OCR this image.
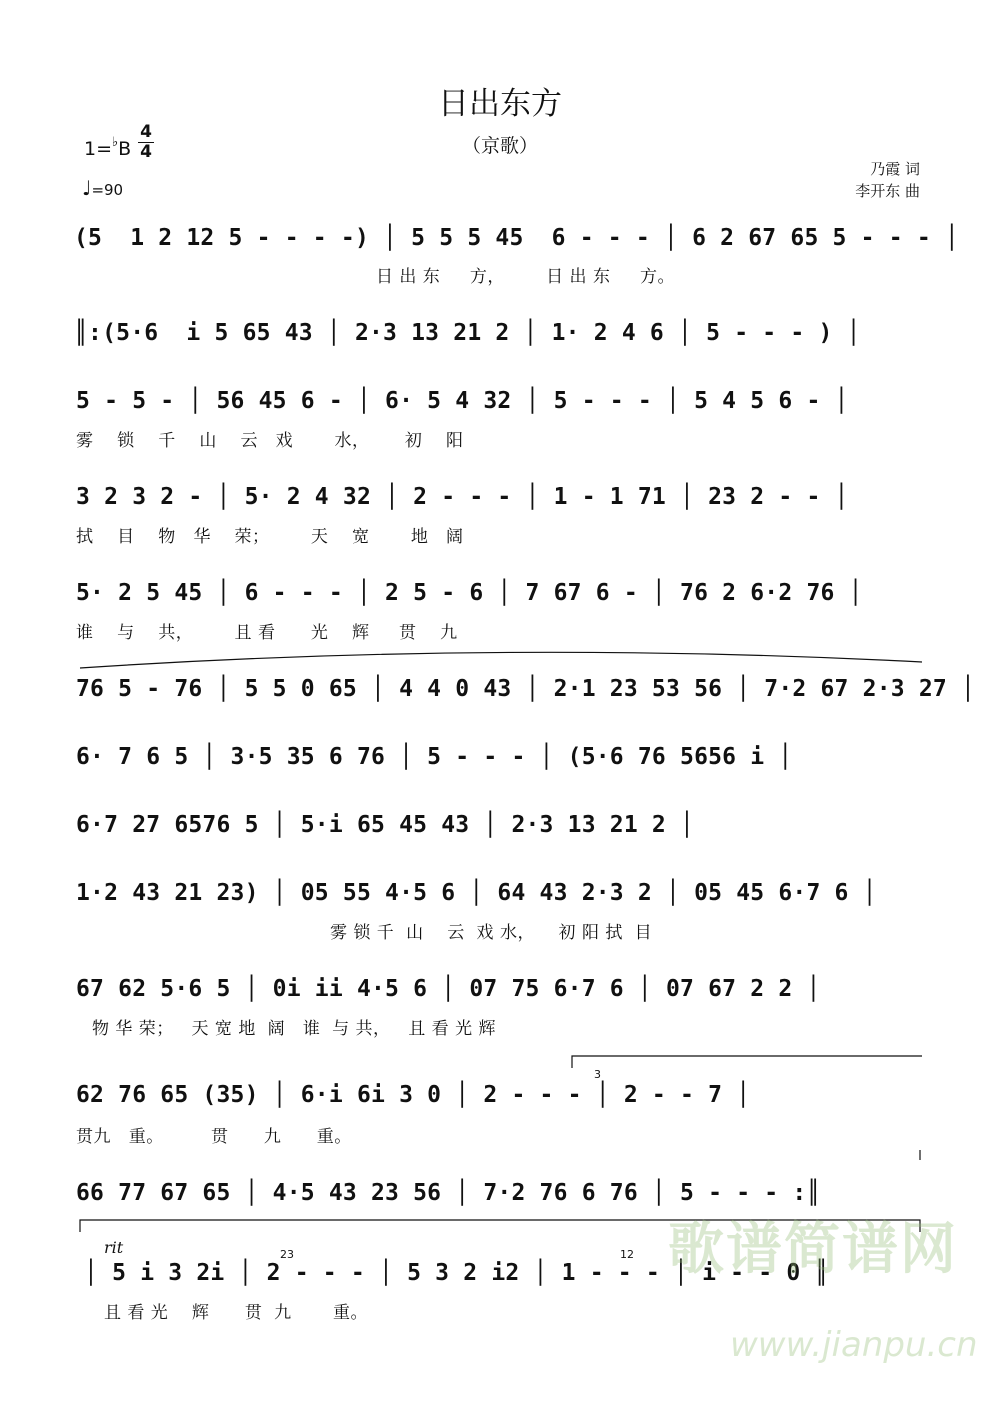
日出东方
（京歌）
1=♭B
4
4
♩=90
乃霞 词
李开东 曲
(5  1 2 12 5 - - - -) │ 5 5 5 45  6 - - - │ 6 2 67 65 5 - - - │
日 出 东     方，       日 出 东     方。
║:(5·6  i 5 65 43 │ 2·3 13 21 2 │ 1· 2 4 6 │ 5 - - - ) │
5 - 5 - │ 56 45 6 - │ 6· 5 4 32 │ 5 - - - │ 5 4 5 6 - │
雾    锁    千    山    云   戏       水，      初    阳
3 2 3 2 - │ 5· 2 4 32 │ 2 - - - │ 1 - 1 71 │ 23 2 - - │
拭    目    物   华    荣；       天    宽       地   阔
5· 2 5 45 │ 6 - - - │ 2 5 - 6 │ 7 67 6 - │ 76 2 6·2 76 │
谁    与    共，       且 看      光    辉     贯    九
76 5 - 76 │ 5 5 0 65 │ 4 4 0 43 │ 2·1 23 53 56 │ 7·2 67 2·3 27 │
6· 7 6 5 │ 3·5 35 6 76 │ 5 - - - │ (5·6 76 5656 i │
6·7 27 6576 5 │ 5·i 65 45 43 │ 2·3 13 21 2 │
1·2 43 21 23) │ 05 55 4·5 6 │ 64 43 2·3 2 │ 05 45 6·7 6 │
雾 锁 千  山    云  戏 水，    初 阳 拭  目
67 62 5·6 5 │ 0i ii 4·5 6 │ 07 75 6·7 6 │ 07 67 2 2 │
物 华 荣；   天 宽 地  阔   谁  与 共，   且 看 光 辉
62 76 65 (35) │ 6·i 6i 3 0 │ 2 - - - │ 2 - - 7 │
贯九   重。        贯      九      重。
66 77 67 65 │ 4·5 43 23 56 │ 7·2 76 6 76 │ 5 - - - :║
rit
│ 5 i 3 2i │ 2 - - - │ 5 3 2 i2 │ 1 - - - │ i - - 0 ║
且 看 光    辉      贯  九       重。
3
23	12 歌谱简谱网
www.jianpu.cn
